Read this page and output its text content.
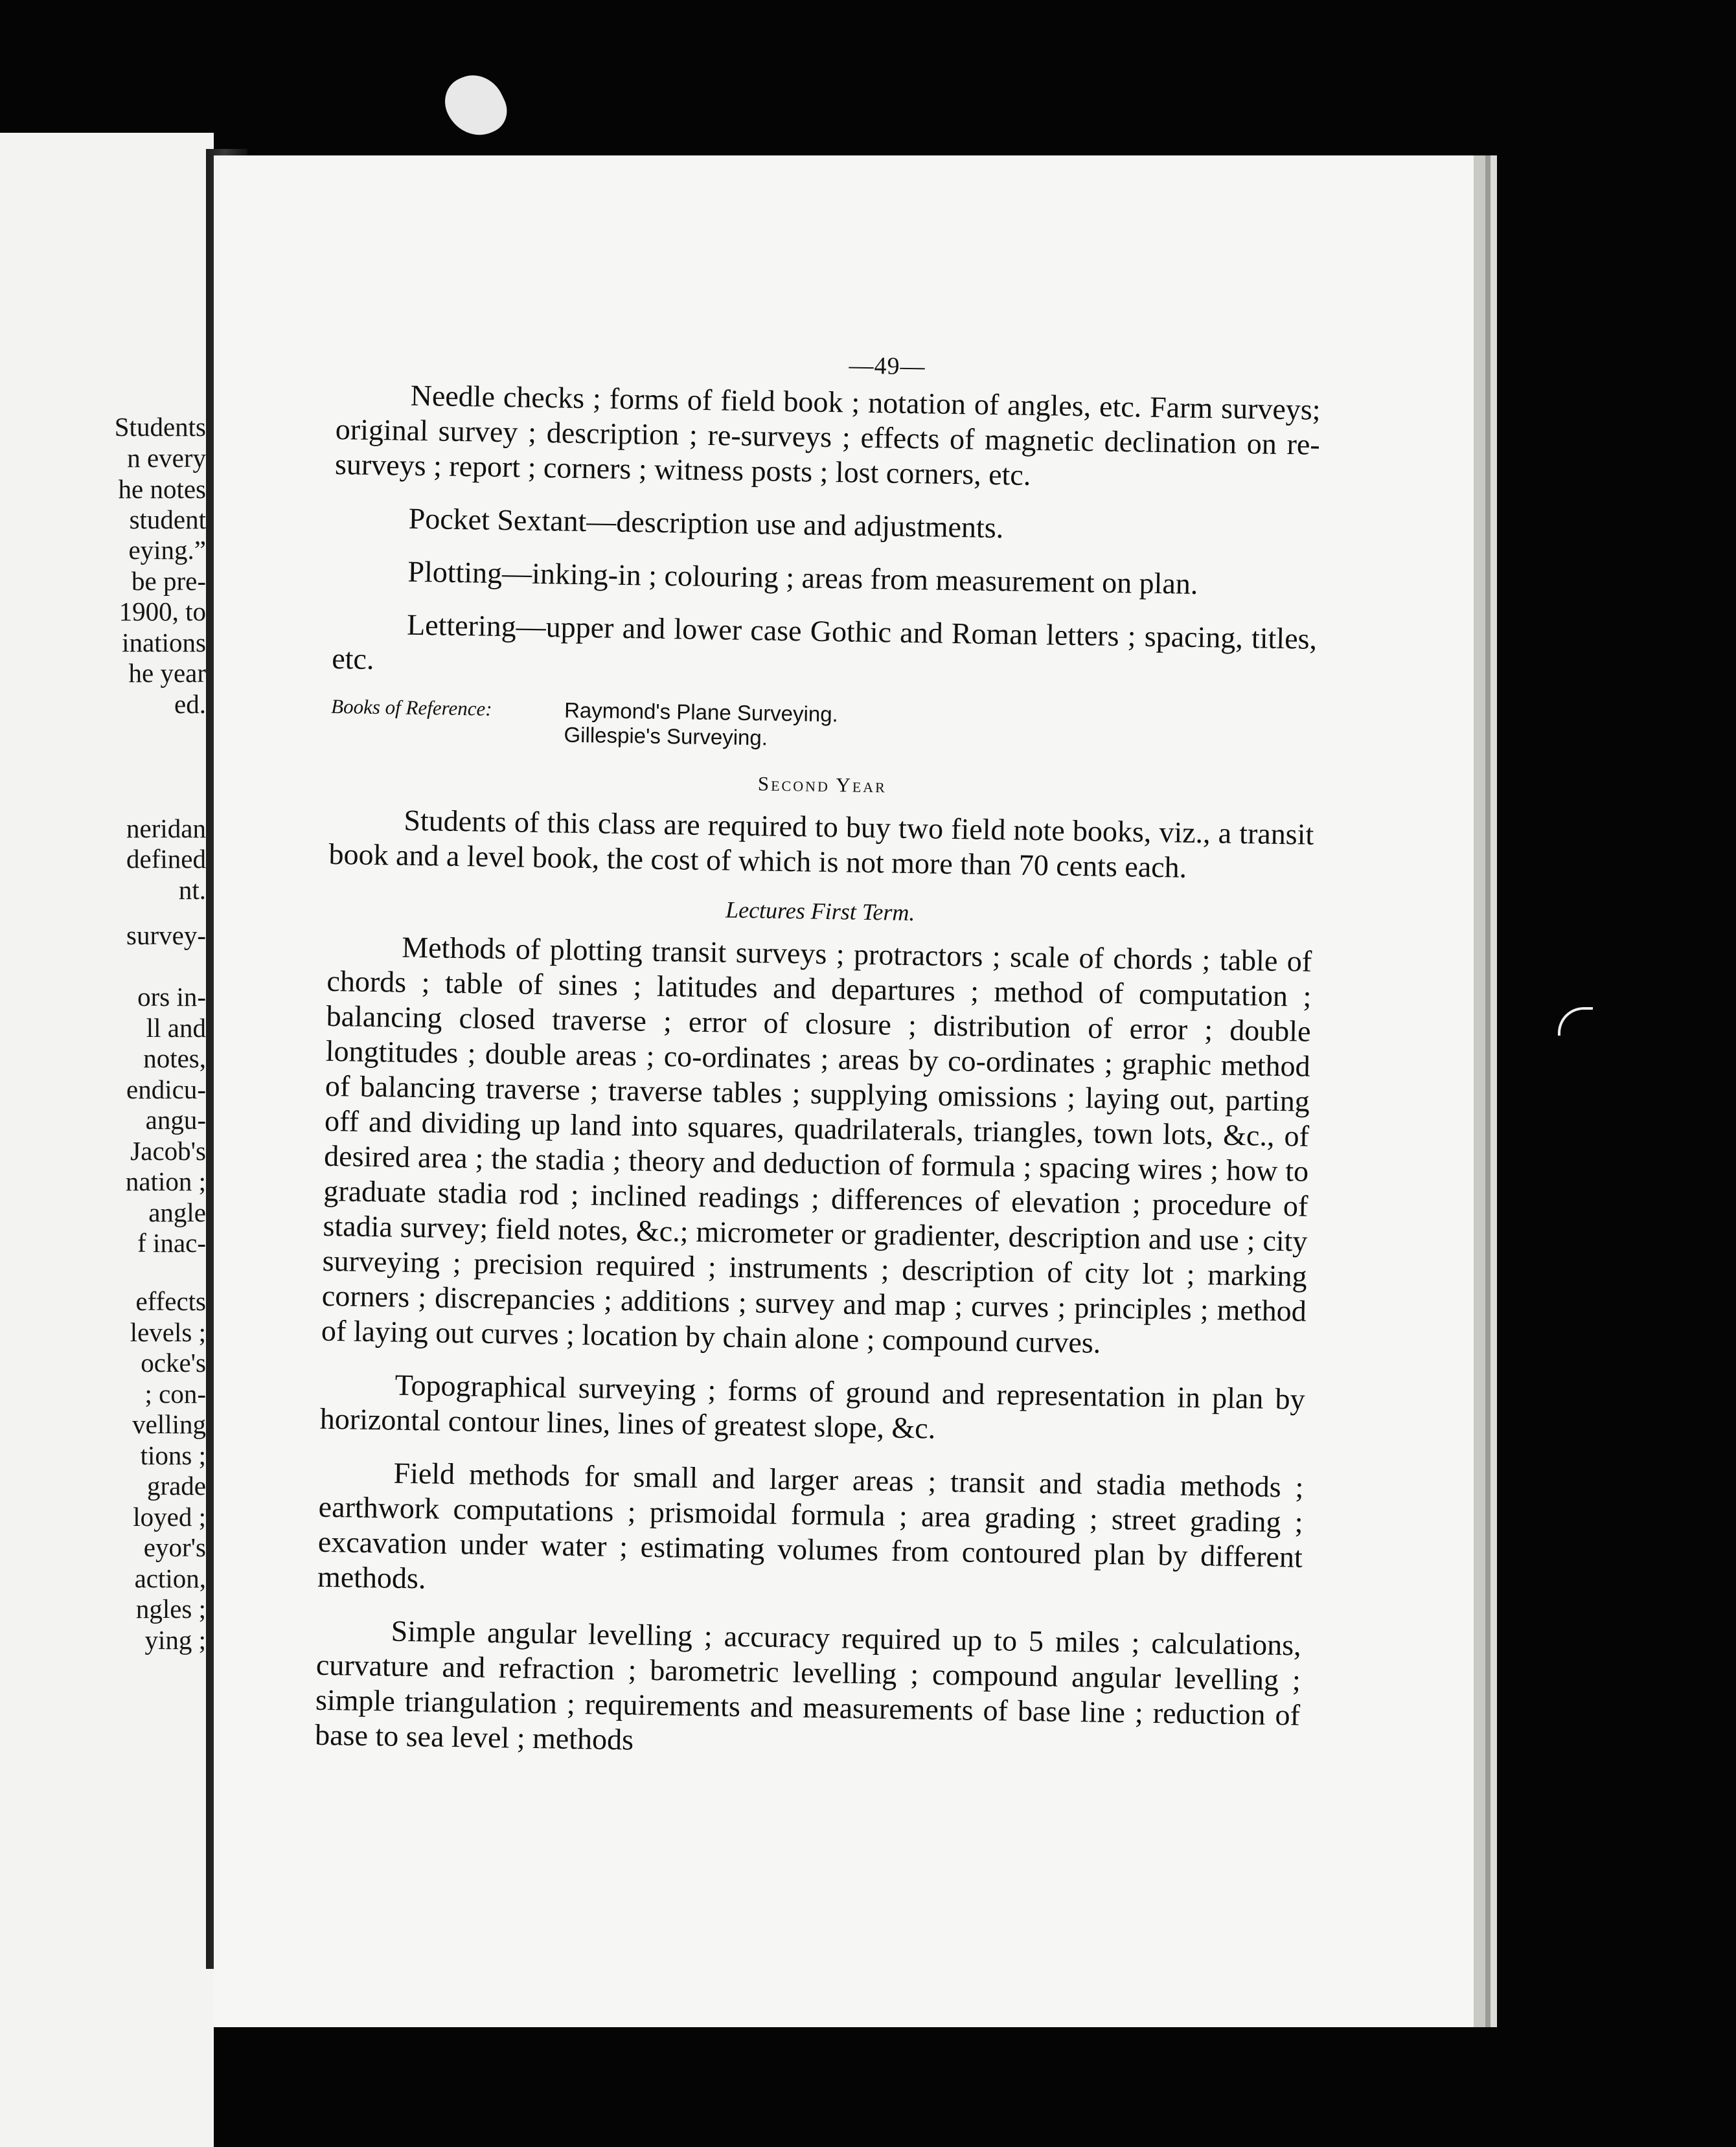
Students
n every
he notes
student
eying.”
be pre-
1900, to
inations
he year
ed.
neridan
defined
nt.
survey-
ors in-
ll and
notes,
endicu-
angu-
Jacob's
nation ;
angle
f inac-
effects
levels ;
ocke's
; con-
velling
tions ;
grade
loyed ;
eyor's
action,
ngles ;
ying ;
—49—

Needle checks ; forms of field book ; notation of angles, etc. Farm surveys; original survey ; description ; re-surveys ; effects of magnetic declination on re-surveys ; report ; corners ; witness posts ; lost corners, etc.

Pocket Sextant—description use and adjustments.

Plotting—inking-in ; colouring ; areas from measurement on plan.

Lettering—upper and lower case Gothic and Roman letters ; spacing, titles, etc.

Books of Reference:	Raymond's Plane Surveying.
Gillespie's Surveying.
Second Year

Students of this class are required to buy two field note books, viz., a transit book and a level book, the cost of which is not more than 70 cents each.

Lectures First Term.

Methods of plotting transit surveys ; protractors ; scale of chords ; table of chords ; table of sines ; latitudes and departures ; method of computation ; balancing closed traverse ; error of closure ; distribution of error ; double longtitudes ; double areas ; co-ordinates ; areas by co-ordinates ; graphic method of balancing traverse ; traverse tables ; supplying omissions ; laying out, parting off and dividing up land into squares, quadrilaterals, triangles, town lots, &c., of desired area ; the stadia ; theory and deduction of formula ; spacing wires ; how to graduate stadia rod ; inclined readings ; differences of elevation ; procedure of stadia survey; field notes, &c.; micrometer or gradienter, description and use ; city surveying ; precision required ; instruments ; description of city lot ; marking corners ; discrepancies ; additions ; survey and map ; curves ; principles ; method of laying out curves ; location by chain alone ; compound curves.

Topographical surveying ; forms of ground and representation in plan by horizontal contour lines, lines of greatest slope, &c.

Field methods for small and larger areas ; transit and stadia methods ; earthwork computations ; prismoidal formula ; area grading ; street grading ; excavation under water ; estimating volumes from contoured plan by different methods.

Simple angular levelling ; accuracy required up to 5 miles ; calculations, curvature and refraction ; barometric levelling ; compound angular levelling ; simple triangulation ; requirements and measurements of base line ; reduction of base to sea level ; methods
